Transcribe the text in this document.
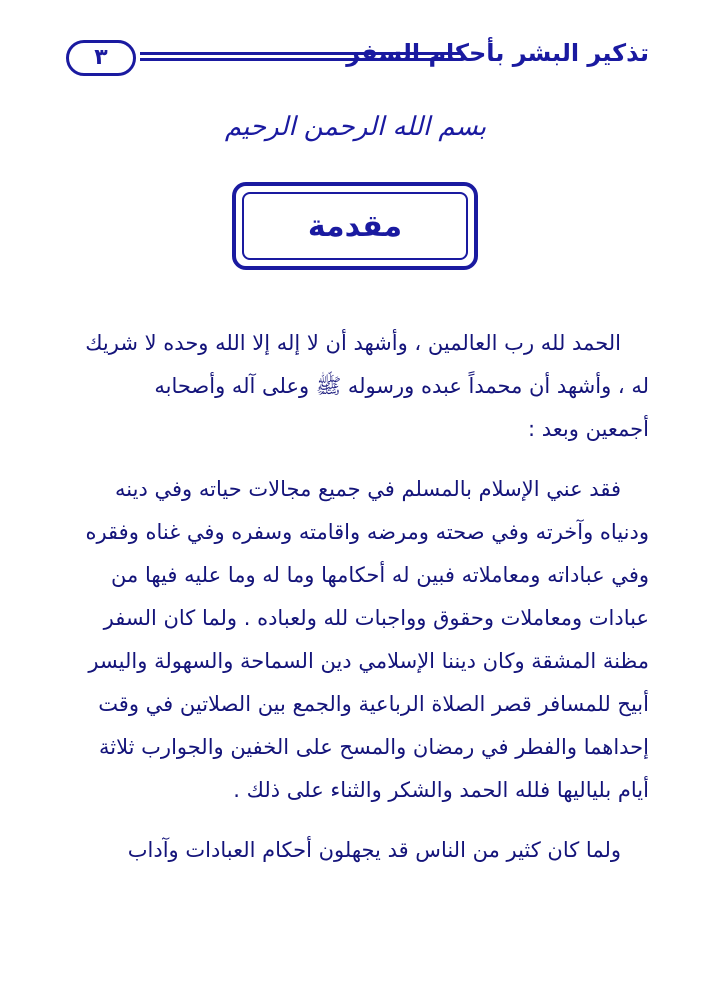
٣	تذكير البشر بأحكام السفر
بسم الله الرحمن الرحيم
مقدمة
الحمد لله رب العالمين ، وأشهد أن لا إله إلا الله وحده لا شريك
له ، وأشهد أن محمداً عبده ورسوله ﷺ وعلى آله وأصحابه
أجمعين وبعد :
فقد عني الإسلام بالمسلم في جميع مجالات حياته وفي دينه
ودنياه وآخرته وفي صحته ومرضه واقامته وسفره وفي غناه وفقره
وفي عباداته ومعاملاته فبين له أحكامها وما له وما عليه فيها من
عبادات ومعاملات وحقوق وواجبات لله ولعباده . ولما كان السفر
مظنة المشقة وكان ديننا الإسلامي دين السماحة والسهولة واليسر
أبيح للمسافر قصر الصلاة الرباعية والجمع بين الصلاتين في وقت
إحداهما والفطر في رمضان والمسح على الخفين والجوارب ثلاثة
أيام بلياليها فلله الحمد والشكر والثناء على ذلك .
ولما كان كثير من الناس قد يجهلون أحكام العبادات وآداب
